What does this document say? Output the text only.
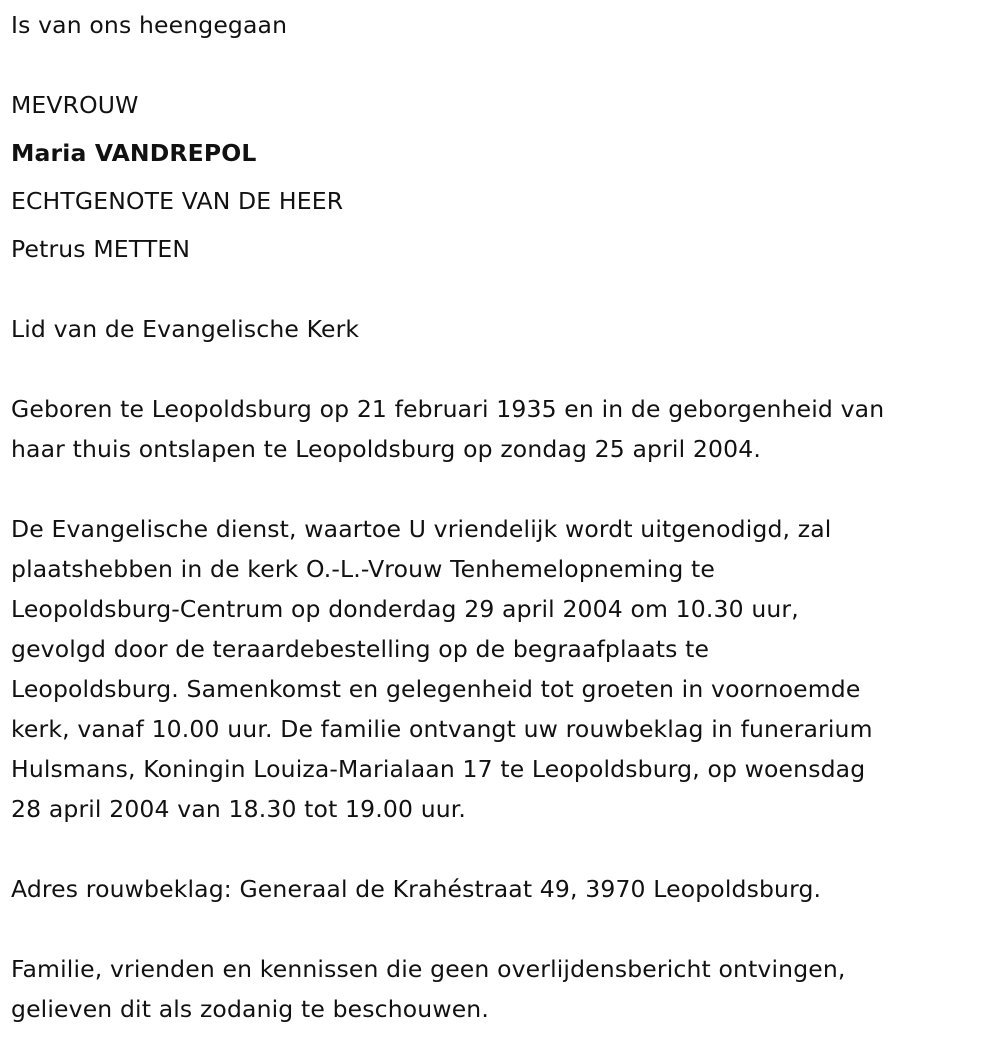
Is van ons heengegaan
MEVROUW
Maria VANDREPOL
ECHTGENOTE VAN DE HEER
Petrus METTEN
Lid van de Evangelische Kerk
Geboren te Leopoldsburg op 21 februari 1935 en in de geborgenheid van
haar thuis ontslapen te Leopoldsburg op zondag 25 april 2004.
De Evangelische dienst, waartoe U vriendelijk wordt uitgenodigd, zal
plaatshebben in de kerk O.-L.-Vrouw Tenhemelopneming te
Leopoldsburg-Centrum op donderdag 29 april 2004 om 10.30 uur,
gevolgd door de teraardebestelling op de begraafplaats te
Leopoldsburg. Samenkomst en gelegenheid tot groeten in voornoemde
kerk, vanaf 10.00 uur. De familie ontvangt uw rouwbeklag in funerarium
Hulsmans, Koningin Louiza-Marialaan 17 te Leopoldsburg, op woensdag
28 april 2004 van 18.30 tot 19.00 uur.
Adres rouwbeklag: Generaal de Krahéstraat 49, 3970 Leopoldsburg.
Familie, vrienden en kennissen die geen overlijdensbericht ontvingen,
gelieven dit als zodanig te beschouwen.
